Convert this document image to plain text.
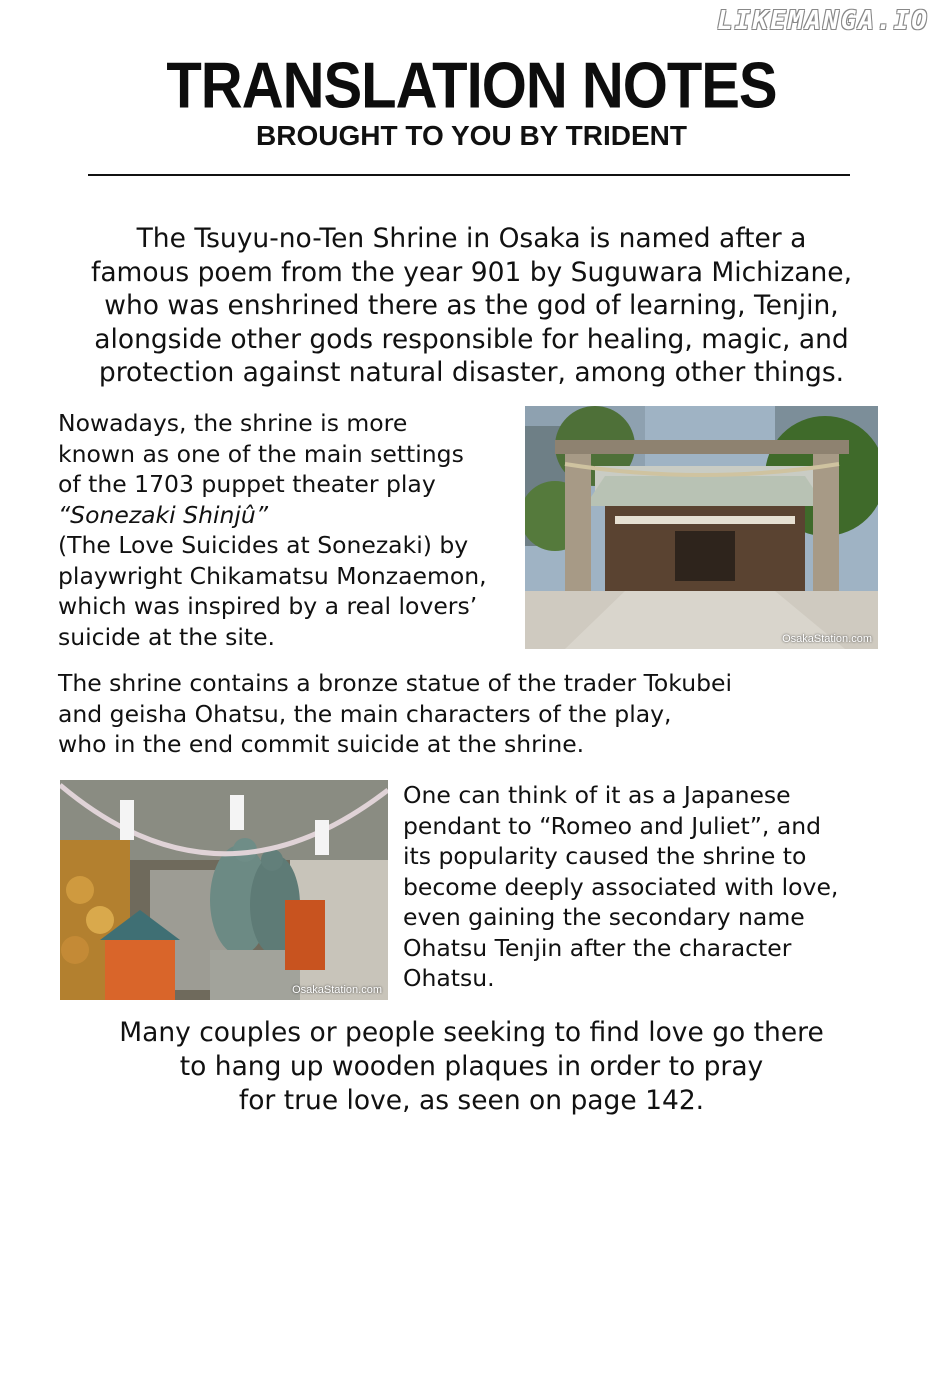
LIKEMANGA.IO
TRANSLATION NOTES
BROUGHT TO YOU BY TRIDENT
The Tsuyu-no-Ten Shrine in Osaka is named after a
famous poem from the year 901 by Suguwara Michizane,
who was enshrined there as the god of learning, Tenjin,
alongside other gods responsible for healing, magic, and
protection against natural disaster, among other things.
Nowadays, the shrine is more
known as one of the main settings
of the 1703 puppet theater play
“Sonezaki Shinjû”
(The Love Suicides at Sonezaki) by
playwright Chikamatsu Monzaemon,
which was inspired by a real lovers’
suicide at the site.	OsakaStation.com
The shrine contains a bronze statue of the trader Tokubei
and geisha Ohatsu, the main characters of the play,
who in the end commit suicide at the shrine.
OsakaStation.com
One can think of it as a Japanese
pendant to “Romeo and Juliet”, and
its popularity caused the shrine to
become deeply associated with love,
even gaining the secondary name
Ohatsu Tenjin after the character
Ohatsu.
Many couples or people seeking to find love go there
to hang up wooden plaques in order to pray
for true love, as seen on page 142.
